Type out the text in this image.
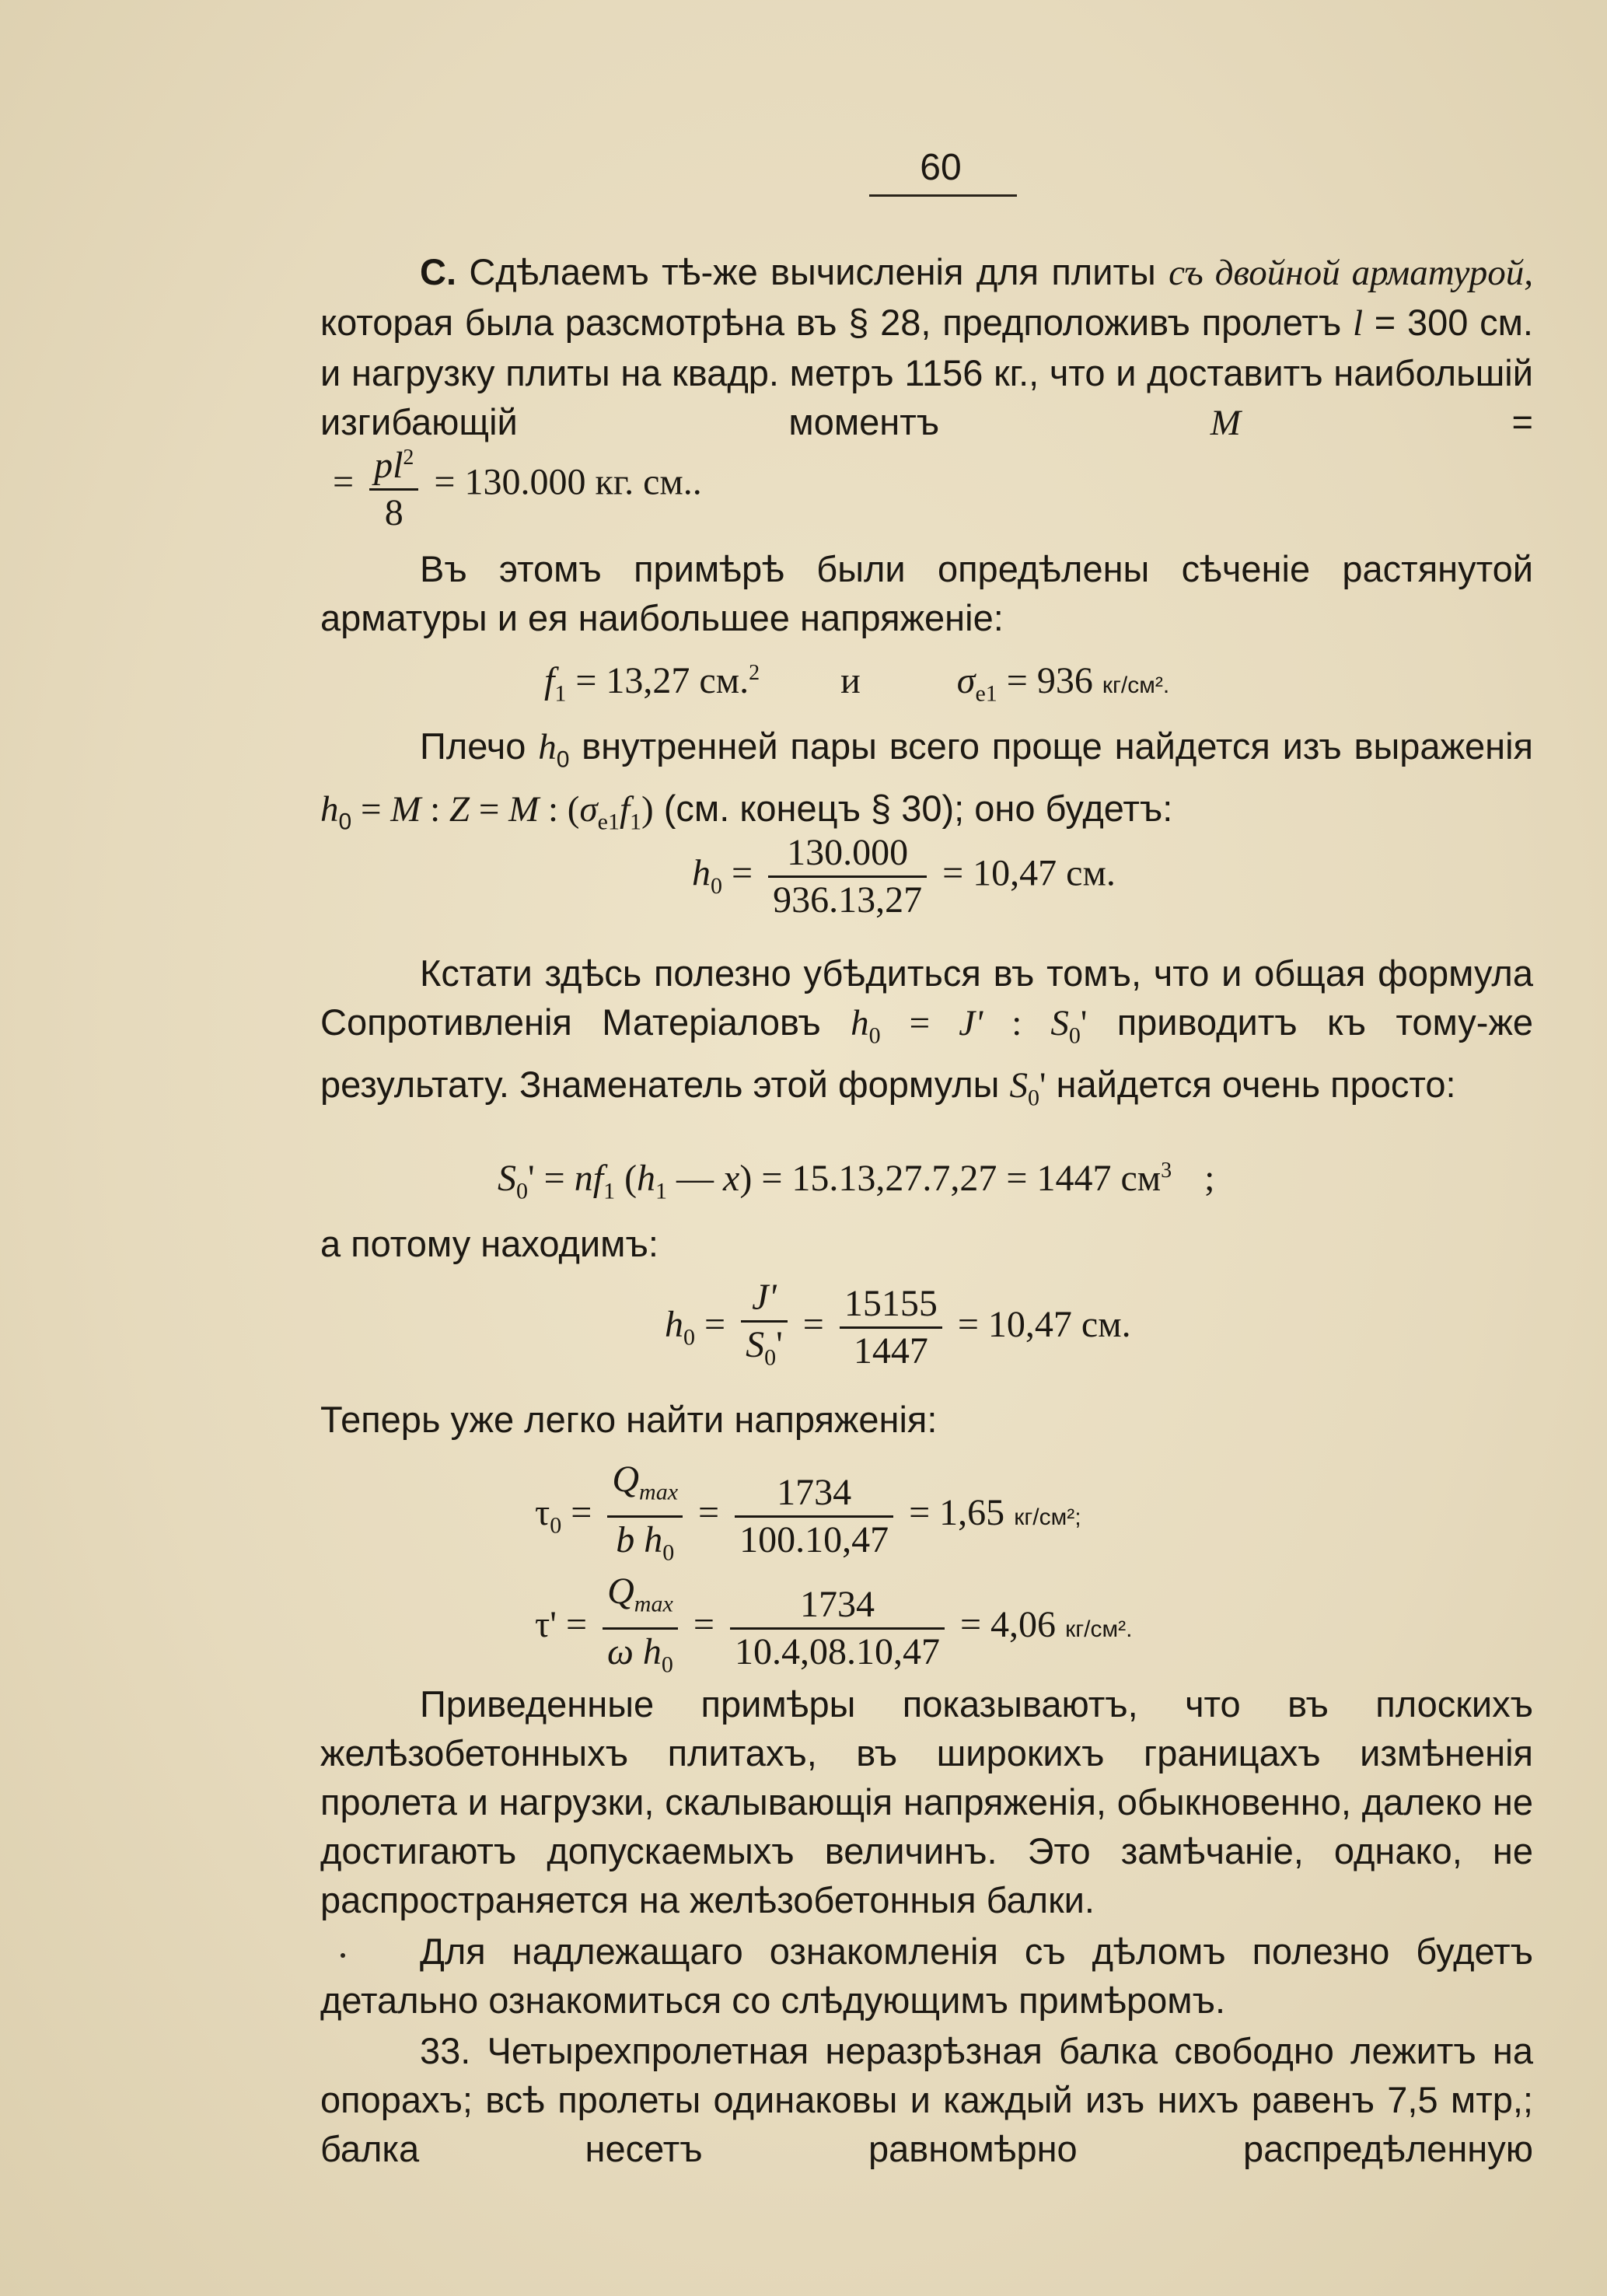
60
С. Сдѣлаемъ тѣ-же вычисленія для плиты съ двойной арматурой, которая была разсмотрѣна въ § 28, предположивъ пролетъ l = 300 см. и нагрузку плиты на квадр. метръ 1156 кг., что и доставитъ наибольшій изгибающій моментъ	M =
= $\frac{pl^2}{8} = 130.000$ кг. см..
Въ этомъ примѣрѣ были опредѣлены сѣченіе растянутой арматуры и ея наибольшее напряженіе:
$f_1 = 13,27$ см.$^2$ и	$\sigma_{e1} = 936$ кг/см².
Плечо $h_0$ внутренней пары всего проще найдется изъ выраженія $h_0 = M$ : Z = M : $(\sigma_{e1}f_1)$ (см. конецъ § 30); оно будетъ:
$h_0 = \frac{130.000}{936.13,27} = 10,47$ см.
Кстати здѣсь полезно убѣдиться въ томъ, что и общая формула Сопротивленія Матеріаловъ $h_0 = J'$ : $S_0'$ приводитъ къ тому-же результату. Знаменатель этой формулы $S_0'$ найдется очень просто:
$S_0' = nf_1$ ($h_1$ — x) = 15.13,27.7,27 = 1447 $см^3$ ;
а потому находимъ:
$h_0 = \frac{J'}{S_0'} = \frac{15155}{1447} = 10,47$ см.
Теперь уже легко найти напряженія:
$\tau_0 = \frac{Q_{max}}{b h_0} = \frac{1734}{100.10,47} = 1,65$ кг/см²;
$\tau' = \frac{Q_{max}}{\omega h_0} = \frac{1734}{10.4,08.10,47} = 4,06$ кг/см².
Приведенные примѣры показываютъ, что въ плоскихъ желѣзобетонныхъ плитахъ, въ широкихъ границахъ измѣненія пролета и нагрузки, скалывающія напряженія, обыкновенно, далеко не достигаютъ допускаемыхъ величинъ. Это замѣчаніе, однако, не распространяется на желѣзобетонныя балки.
Для надлежащаго ознакомленія съ дѣломъ полезно будетъ детально ознакомиться со слѣдующимъ примѣромъ.
33. Четырехпролетная неразрѣзная балка свободно лежитъ на опорахъ; всѣ пролеты одинаковы и каждый изъ нихъ равенъ 7,5 мтр,; балка несетъ равномѣрно распредѣленную
